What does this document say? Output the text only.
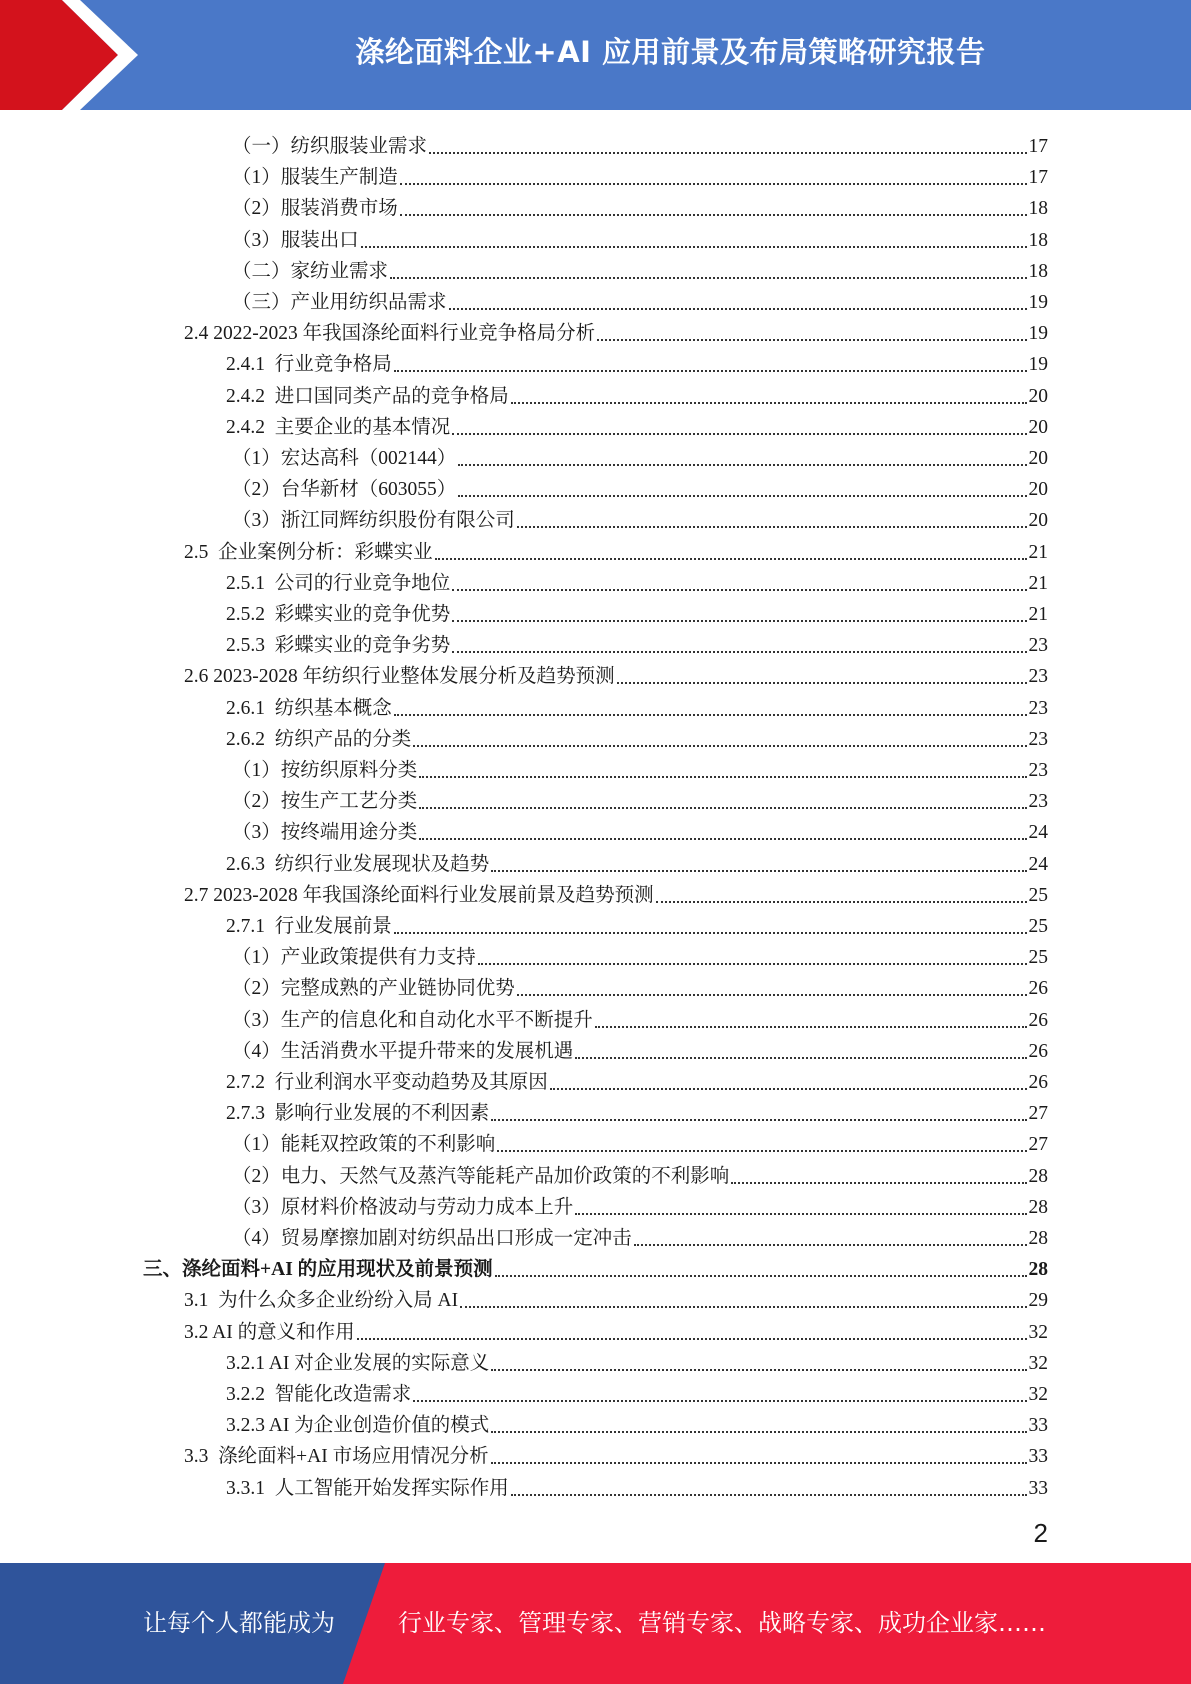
涤纶面料企业+AI 应用前景及布局策略研究报告
（一）纺织服装业需求	17
（1）服装生产制造	17
（2）服装消费市场	18
（3）服装出口	18
（二）家纺业需求	18
（三）产业用纺织品需求	19
2.4 2022-2023 年我国涤纶面料行业竞争格局分析	19
2.4.1  行业竞争格局	19
2.4.2  进口国同类产品的竞争格局	20
2.4.2  主要企业的基本情况	20
（1）宏达高科（002144）	20
（2）台华新材（603055）	20
（3）浙江同辉纺织股份有限公司	20
2.5  企业案例分析：彩蝶实业	21
2.5.1  公司的行业竞争地位	21
2.5.2  彩蝶实业的竞争优势	21
2.5.3  彩蝶实业的竞争劣势	23
2.6 2023-2028 年纺织行业整体发展分析及趋势预测	23
2.6.1  纺织基本概念	23
2.6.2  纺织产品的分类	23
（1）按纺织原料分类	23
（2）按生产工艺分类	23
（3）按终端用途分类	24
2.6.3  纺织行业发展现状及趋势	24
2.7 2023-2028 年我国涤纶面料行业发展前景及趋势预测	25
2.7.1  行业发展前景	25
（1）产业政策提供有力支持	25
（2）完整成熟的产业链协同优势	26
（3）生产的信息化和自动化水平不断提升	26
（4）生活消费水平提升带来的发展机遇	26
2.7.2  行业利润水平变动趋势及其原因	26
2.7.3  影响行业发展的不利因素	27
（1）能耗双控政策的不利影响	27
（2）电力、天然气及蒸汽等能耗产品加价政策的不利影响	28
（3）原材料价格波动与劳动力成本上升	28
（4）贸易摩擦加剧对纺织品出口形成一定冲击	28
三、涤纶面料+AI 的应用现状及前景预测	28
3.1  为什么众多企业纷纷入局 AI	29
3.2 AI 的意义和作用	32
3.2.1 AI 对企业发展的实际意义	32
3.2.2  智能化改造需求	32
3.2.3 AI 为企业创造价值的模式	33
3.3  涤纶面料+AI 市场应用情况分析	33
3.3.1  人工智能开始发挥实际作用	33
2
让每个人都能成为	行业专家、管理专家、营销专家、战略专家、成功企业家……
